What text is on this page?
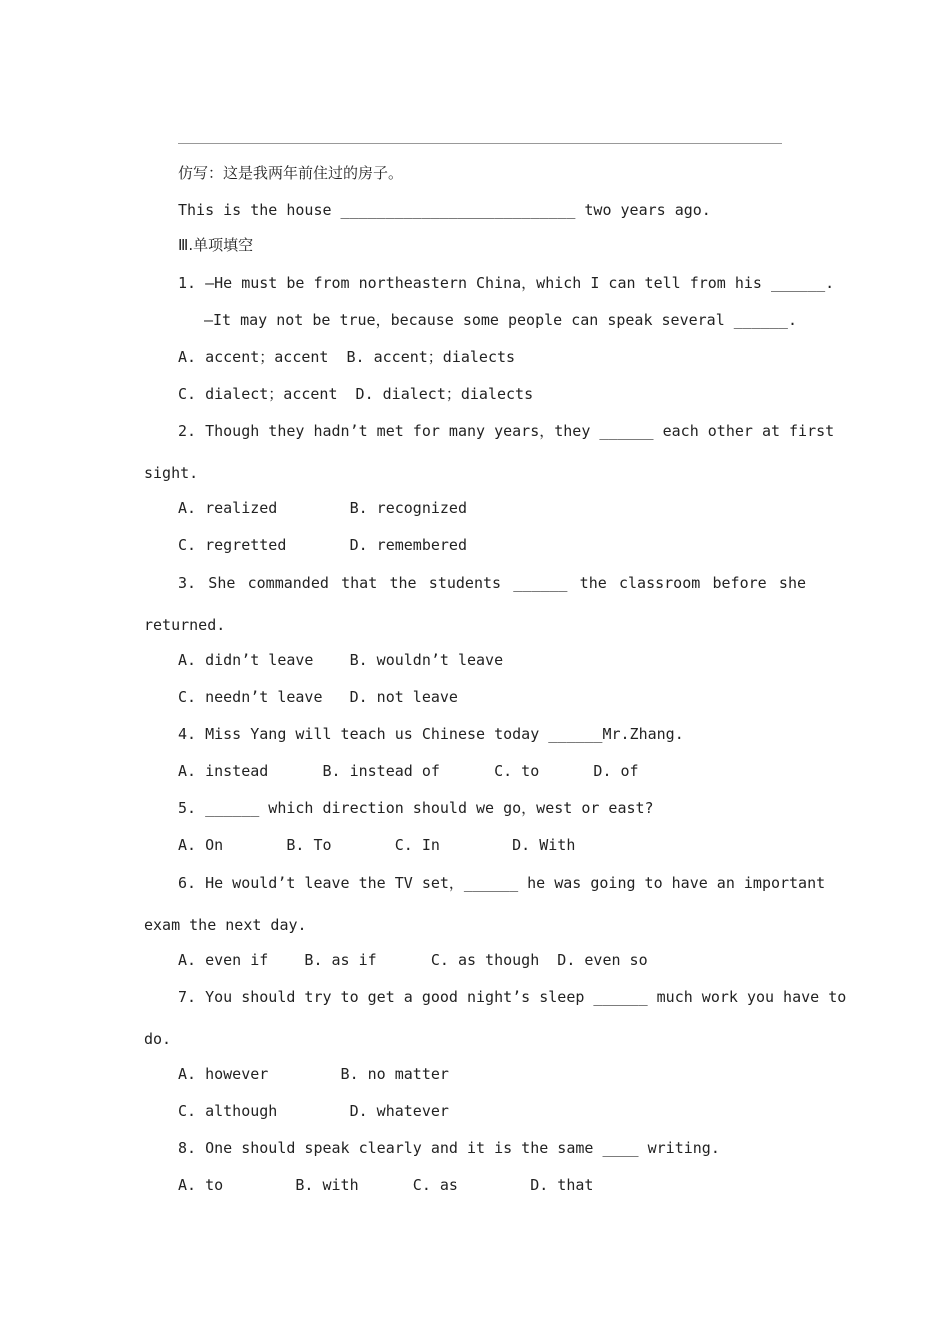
仿写：这是我两年前住过的房子。
This is the house __________________________ two years ago.
Ⅲ.单项填空
1. —He must be from northeastern China，which I can tell from his ______.
—It may not be true，because some people can speak several ______.
A. accent；accent  B. accent；dialects
C. dialect；accent  D. dialect；dialects
2. Though they hadn’t met for many years，they ______ each other at first
sight.
A. realized        B. recognized
C. regretted       D. remembered
3. She commanded that the students ______ the classroom before she
returned.
A. didn’t leave    B. wouldn’t leave
C. needn’t leave   D. not leave
4. Miss Yang will teach us Chinese today ______Mr.Zhang.
A. instead      B. instead of      C. to      D. of
5. ______ which direction should we go，west or east?
A. On       B. To       C. In        D. With
6. He would’t leave the TV set，______ he was going to have an important
exam the next day.
A. even if    B. as if      C. as though  D. even so
7. You should try to get a good night’s sleep ______ much work you have to
do.
A. however        B. no matter
C. although        D. whatever
8. One should speak clearly and it is the same ____ writing.
A. to        B. with      C. as        D. that
